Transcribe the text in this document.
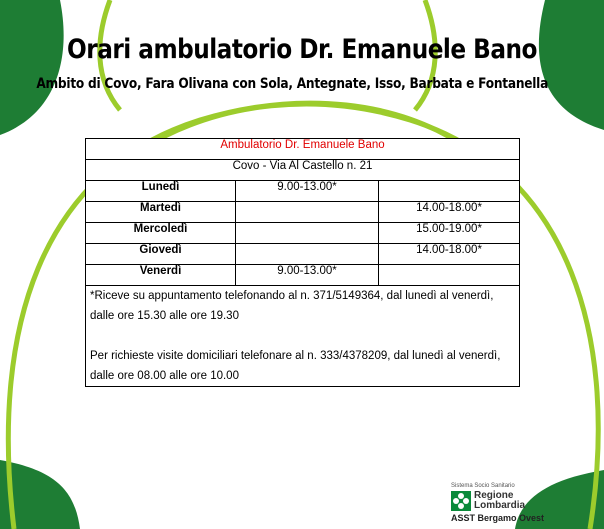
Orari ambulatorio Dr. Emanuele Bano
Ambito di Covo, Fara Olivana con Sola, Antegnate, Isso, Barbata e Fontanella
Ambulatorio Dr. Emanuele Bano		
Covo - Via Al Castello n. 21		
Lunedì	9.00-13.00*	
Martedì		14.00-18.00*
Mercoledì		15.00-19.00*
Giovedì		14.00-18.00*
Venerdì	9.00-13.00*	

*Riceve su appuntamento telefonando al n. 371/5149364, dal lunedì al venerdì, dalle ore 15.30 alle ore 19.30

Per richieste visite domiciliari telefonare al n. 333/4378209, dal lunedì al venerdì, dalle ore 08.00 alle ore 10.00		

Sistema Socio Sanitario
Regione
Lombardia
ASST Bergamo Ovest
